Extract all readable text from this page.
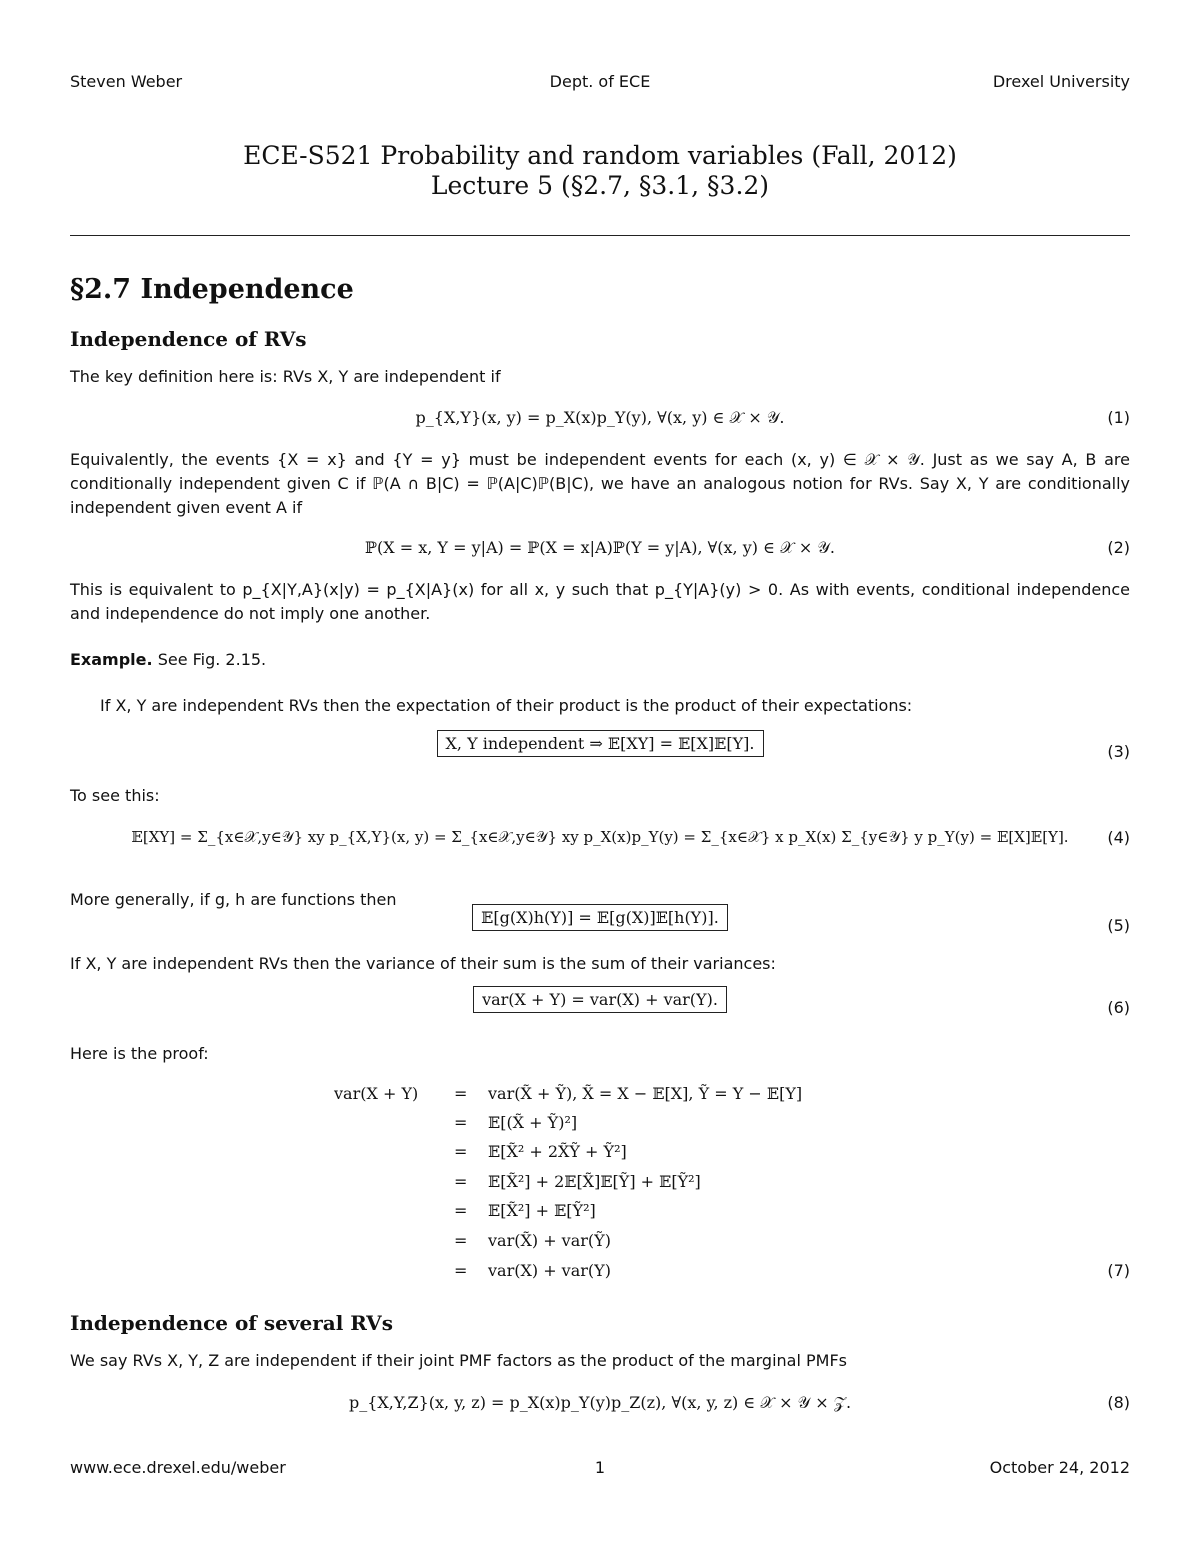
Steven Weber	Dept. of ECE	Drexel University
ECE-S521 Probability and random variables (Fall, 2012)
Lecture 5 (§2.7, §3.1, §3.2)
§2.7 Independence
Independence of RVs
The key definition here is: RVs X, Y are independent if
p_{X,Y}(x, y) = p_X(x)p_Y(y), ∀(x, y) ∈ 𝒳 × 𝒴.	(1)
Equivalently, the events {X = x} and {Y = y} must be independent events for each (x, y) ∈ 𝒳 × 𝒴. Just as we say A, B are conditionally independent given C if ℙ(A ∩ B|C) = ℙ(A|C)ℙ(B|C), we have an analogous notion for RVs. Say X, Y are conditionally independent given event A if
ℙ(X = x, Y = y|A) = ℙ(X = x|A)ℙ(Y = y|A), ∀(x, y) ∈ 𝒳 × 𝒴.	(2)
This is equivalent to p_{X|Y,A}(x|y) = p_{X|A}(x) for all x, y such that p_{Y|A}(y) > 0. As with events, conditional independence and independence do not imply one another.
Example. See Fig. 2.15.
If X, Y are independent RVs then the expectation of their product is the product of their expectations:
X, Y independent ⇒ 𝔼[XY] = 𝔼[X]𝔼[Y].	(3)
To see this:
𝔼[XY] = Σ_{x∈𝒳,y∈𝒴} xy p_{X,Y}(x, y) = Σ_{x∈𝒳,y∈𝒴} xy p_X(x)p_Y(y) = Σ_{x∈𝒳} x p_X(x) Σ_{y∈𝒴} y p_Y(y) = 𝔼[X]𝔼[Y].	(4)
More generally, if g, h are functions then
𝔼[g(X)h(Y)] = 𝔼[g(X)]𝔼[h(Y)].	(5)
If X, Y are independent RVs then the variance of their sum is the sum of their variances:
var(X + Y) = var(X) + var(Y).	(6)
Here is the proof:
var(X + Y) = var(X̃ + Ỹ), X̃ = X − 𝔼[X], Ỹ = Y − 𝔼[Y]
= 𝔼[(X̃ + Ỹ)²]
= 𝔼[X̃² + 2X̃Ỹ + Ỹ²]
= 𝔼[X̃²] + 2𝔼[X̃]𝔼[Ỹ] + 𝔼[Ỹ²]
= 𝔼[X̃²] + 𝔼[Ỹ²]
= var(X̃) + var(Ỹ)
= var(X) + var(Y)	(7)
Independence of several RVs
We say RVs X, Y, Z are independent if their joint PMF factors as the product of the marginal PMFs
p_{X,Y,Z}(x, y, z) = p_X(x)p_Y(y)p_Z(z), ∀(x, y, z) ∈ 𝒳 × 𝒴 × 𝒵.	(8)
www.ece.drexel.edu/weber	1	October 24, 2012
